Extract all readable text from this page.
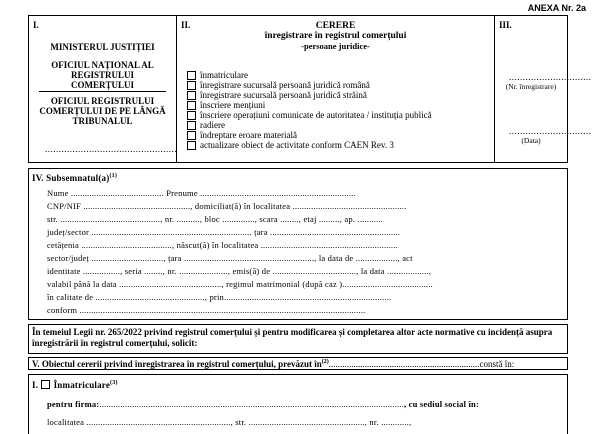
ANEXA Nr. 2a
I.
MINISTERUL JUSTIȚIEI
OFICIUL NAȚIONAL AL REGISTRULUI COMERȚULUI
OFICIUL REGISTRULUI COMERȚULUI DE PE LÂNGĂ TRIBUNALUL
................................................
II.	CERERE
înregistrare în registrul comerțului
-persoane juridice-
înmatriculare
înregistrare sucursală persoană juridică română
înregistrare sucursală persoană juridică străină
înscriere mențiuni
înscriere operațiuni comunicate de autoritatea / instituția publică
radiere
îndreptare eroare materială
actualizare obiect de activitate conform CAEN Rev. 3
III.
..............................
(Nr. înregistrare)
..............................
(Data)
IV. $Subsemnatul(a)^{(1)}$
Nume ........................................ Prenume ...................................................................
CNP/NIF .............................................., domiciliat(ă) în localitatea .................................................
str. ..........................................., nr. .........., bloc .............., scara ........, etaj ........., ap. ...........
județ/sector ..................................................................... țara ........................................................
cetățenia ......................................., născut(ă) în localitatea ...........................................................
sector/județ ..............................., țara ........................................................, la data de .................., act
identitate ................, seria ........, nr. ....................., emis(ă) de ...................................., la data ..................,
valabil până la data ............................................, regimul matrimonial (după caz ).......................................
în calitate de ..............................................., prin........................................................................
conform ...........................................................................................................................
În temeiul Legii nr. 265/2022 privind registrul comerțului și pentru modificarea și completarea altor acte normative cu incidență asupra înregistrării în registrul comerțului, solicit:
V. Obiectul cererii privind înregistrarea în registrul comerțului, prevăzut $în^{(2)}...................................................................constă$ în:
I. Înmatriculare$^{(3)}$
pentru firma:..................................................................................................................................., cu sediul social în:
localitatea .............................................................., str. .................................................., nr. ............,
